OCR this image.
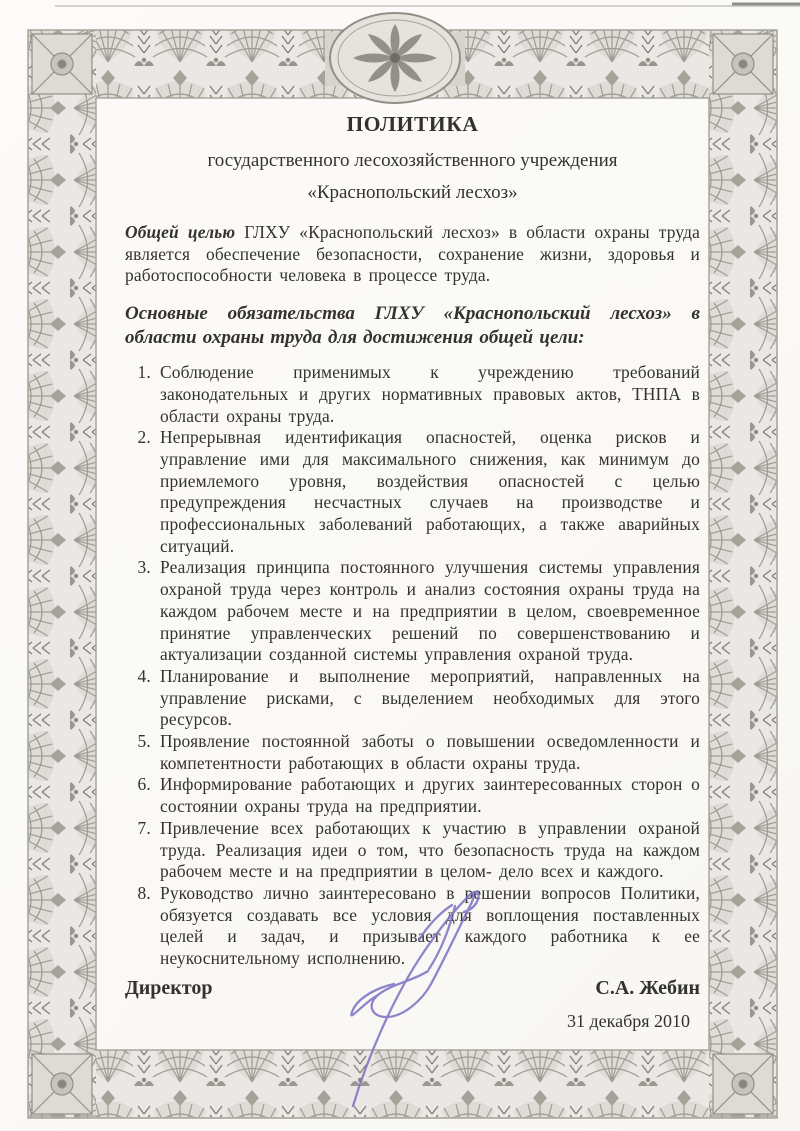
ПОЛИТИКА
государственного лесохозяйственного учреждения
«Краснопольский лесхоз»

Общей целью ГЛХУ «Краснопольский лесхоз» в области охраны труда является обеспечение безопасности, сохранение жизни, здоровья и работоспособности человека в процессе труда.

Основные обязательства ГЛХУ «Краснопольский лесхоз» в области охраны труда для достижения общей цели:
1. Соблюдение применимых к учреждению требований законодательных и других нормативных правовых актов, ТНПА в области охраны труда.
2. Непрерывная идентификация опасностей, оценка рисков и управление ими для максимального снижения, как минимум до приемлемого уровня, воздействия опасностей с целью предупреждения несчастных случаев на производстве и профессиональных заболеваний работающих, а также аварийных ситуаций.
3. Реализация принципа постоянного улучшения системы управления охраной труда через контроль и анализ состояния охраны труда на каждом рабочем месте и на предприятии в целом, своевременное принятие управленческих решений по совершенствованию и актуализации созданной системы управления охраной труда.
4. Планирование и выполнение мероприятий, направленных на управление рисками, с выделением необходимых для этого ресурсов.
5. Проявление постоянной заботы о повышении осведомленности и компетентности работающих в области охраны труда.
6. Информирование работающих и других заинтересованных сторон о состоянии охраны труда на предприятии.
7. Привлечение всех работающих к участию в управлении охраной труда. Реализация идеи о том, что безопасность труда на каждом рабочем месте и на предприятии в целом- дело всех и каждого.
8. Руководство лично заинтересовано в решении вопросов Политики, обязуется создавать все условия для воплощения поставленных целей и задач, и призывает каждого работника к ее неукоснительному исполнению.
Директор	С.А. Жебин
31 декабря 2010
